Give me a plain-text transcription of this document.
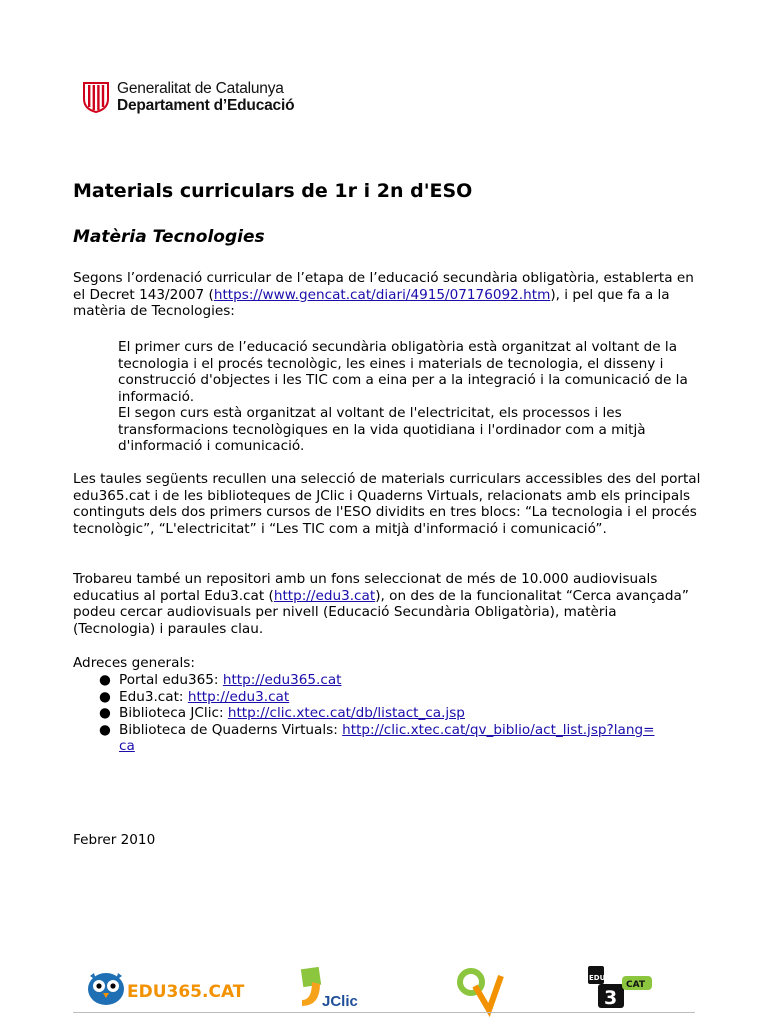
Generalitat de Catalunya
Departament d’Educació
Materials curriculars de 1r i 2n d'ESO
Matèria Tecnologies

Segons l’ordenació curricular de l’etapa de l’educació secundària obligatòria, establerta en el Decret 143/2007 (https://www.gencat.cat/diari/4915/07176092.htm), i pel que fa a la matèria de Tecnologies:

El primer curs de l’educació secundària obligatòria està organitzat al voltant de la tecnologia i el procés tecnològic, les eines i materials de tecnologia, el disseny i construcció d'objectes i les TIC com a eina per a la integració i la comunicació de la informació.

El segon curs està organitzat al voltant de l'electricitat, els processos i les transformacions tecnològiques en la vida quotidiana i l'ordinador com a mitjà d'informació i comunicació.

Les taules següents recullen una selecció de materials curriculars accessibles des del portal edu365.cat i de les biblioteques de JClic i Quaderns Virtuals, relacionats amb els principals continguts dels dos primers cursos de l'ESO dividits en tres blocs: “La tecnologia i el procés tecnològic”, “L'electricitat” i “Les TIC com a mitjà d'informació i comunicació”.

Trobareu també un repositori amb un fons seleccionat de més de 10.000 audiovisuals educatius al portal Edu3.cat (http://edu3.cat), on des de la funcionalitat “Cerca avançada” podeu cercar audiovisuals per nivell (Educació Secundària Obligatòria), matèria (Tecnologia) i paraules clau.

Adreces generals:

● Portal edu365: http://edu365.cat
● Edu3.cat: http://edu3.cat
● Biblioteca JClic: http://clic.xtec.cat/db/listact_ca.jsp
● Biblioteca de Quaderns Virtuals: http://clic.xtec.cat/qv_biblio/act_list.jsp?lang=ca

Febrer 2010

EDU365.CAT	JClic
QV
EDU
3
CAT
